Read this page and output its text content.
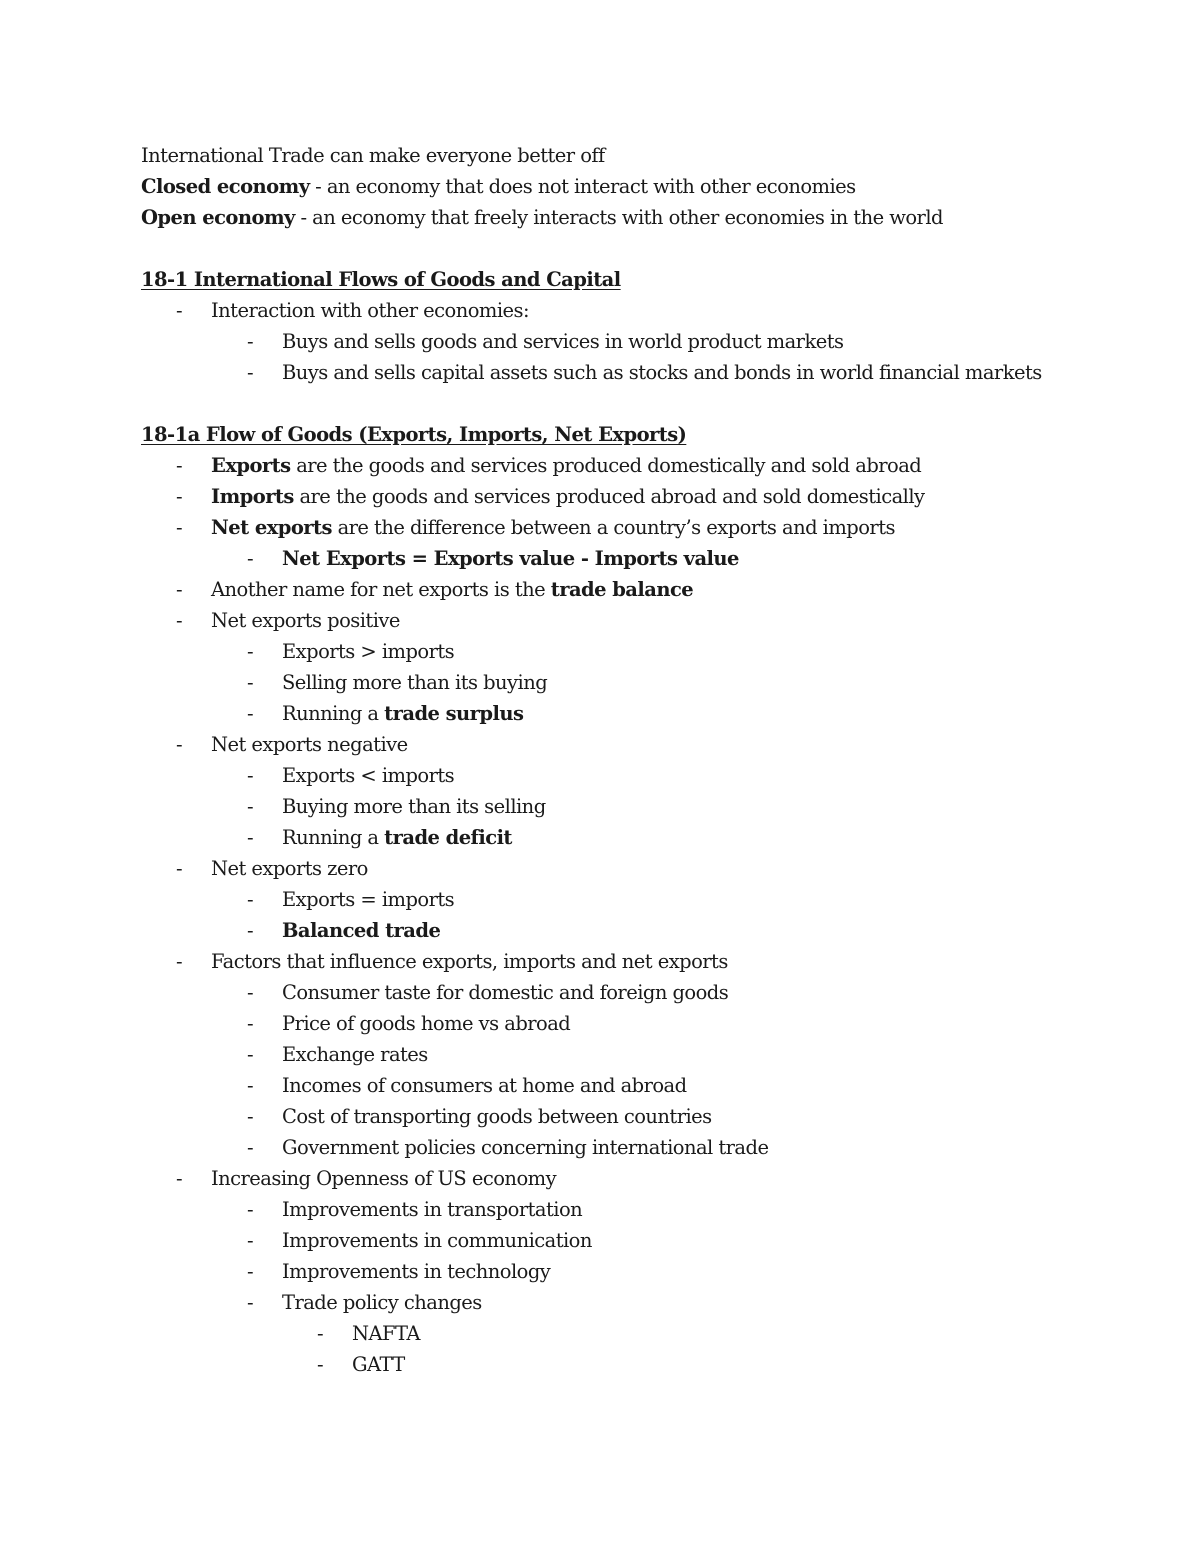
International Trade can make everyone better off
Closed economy - an economy that does not interact with other economies
Open economy - an economy that freely interacts with other economies in the world
18-1 International Flows of Goods and Capital
- Interaction with other economies:
- Buys and sells goods and services in world product markets
- Buys and sells capital assets such as stocks and bonds in world financial markets
18-1a Flow of Goods (Exports, Imports, Net Exports)
- Exports are the goods and services produced domestically and sold abroad
- Imports are the goods and services produced abroad and sold domestically
- Net exports are the difference between a country’s exports and imports
- Net Exports = Exports value - Imports value
- Another name for net exports is the trade balance
- Net exports positive
- Exports > imports
- Selling more than its buying
- Running a trade surplus
- Net exports negative
- Exports < imports
- Buying more than its selling
- Running a trade deficit
- Net exports zero
- Exports = imports
- Balanced trade
- Factors that influence exports, imports and net exports
- Consumer taste for domestic and foreign goods
- Price of goods home vs abroad
- Exchange rates
- Incomes of consumers at home and abroad
- Cost of transporting goods between countries
- Government policies concerning international trade
- Increasing Openness of US economy
- Improvements in transportation
- Improvements in communication
- Improvements in technology
- Trade policy changes
- NAFTA
- GATT
